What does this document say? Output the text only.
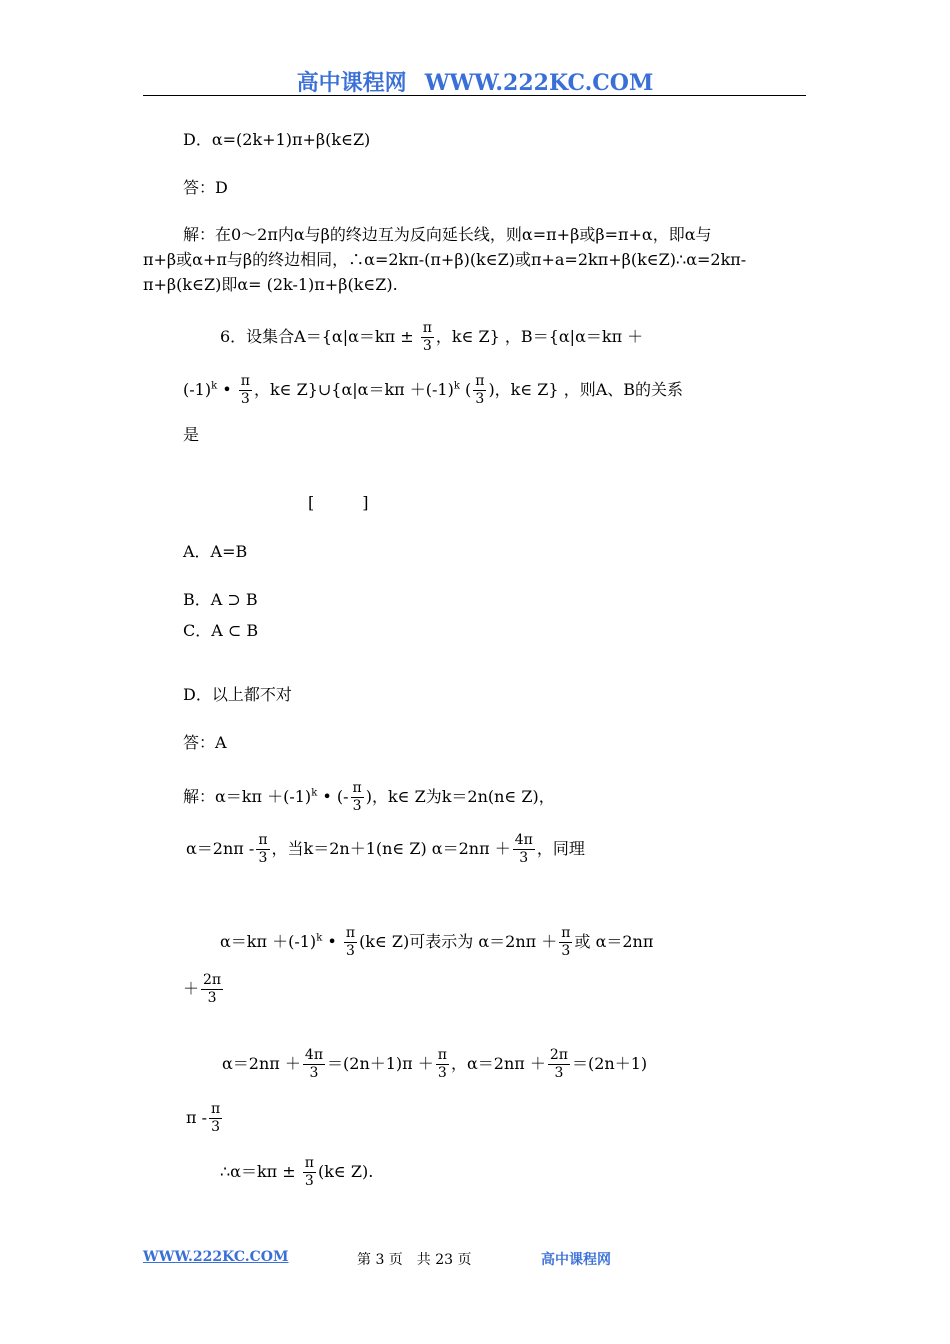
高中课程网 WWW.222KC.COM
D．α=(2k+1)π+β(k∈Z)
答：D
解：在0～2π内α与β的终边互为反向延长线，则α=π+β或β=π+α，即α与
π+β或α+π与β的终边相同，∴α=2kπ-(π+β)(k∈Z)或π+a=2kπ+β(k∈Z)∴α=2kπ-
π+β(k∈Z)即α= (2k-1)π+β(k∈Z).
6．设集合$A=\{\alpha|\alpha=k\pi \pm \frac{\pi}{3}$ ，k∈ Z} ，B＝{α|α＝kπ ＋
$(-1)^k$ • $\frac{\pi}{3}$ ，k∈ Z}∪{α|α＝kπ $+(-1)^k$ ( $\frac{\pi}{3}$ )，k∈ Z} ，则A、B的关系
是
[　　　]
A．A=B
B．A ⊃ B
C．A ⊂ B
D．以上都不对
答：A
解：$\alpha=k\pi +(-1)^k$ • (- $\frac{\pi}{3}$ )，k∈ Z为k＝2n(n∈ Z)，
$\alpha=2n\pi - \frac{\pi}{3}$ ，当k＝2n＋1(n∈ Z) $\alpha=2n\pi + \frac{4\pi}{3}$ ，同理
$\alpha=k\pi +(-1)^k$ • $\frac{\pi}{3}$ (k∈ Z)可表示为 $\alpha=2n\pi + \frac{\pi}{3}$ 或 α＝2nπ
＋ $\frac{2\pi}{3}$
$\alpha=2n\pi + \frac{4\pi}{3} =(2n+1)\pi + \frac{\pi}{3}$ ，$\alpha=2n\pi + \frac{2\pi}{3} =(2n+1)$
π - $\frac{\pi}{3}$
∴α＝kπ ± $\frac{\pi}{3}$ (k∈ Z).
WWW.222KC.COM	第 3 页　共 23 页	高中课程网
